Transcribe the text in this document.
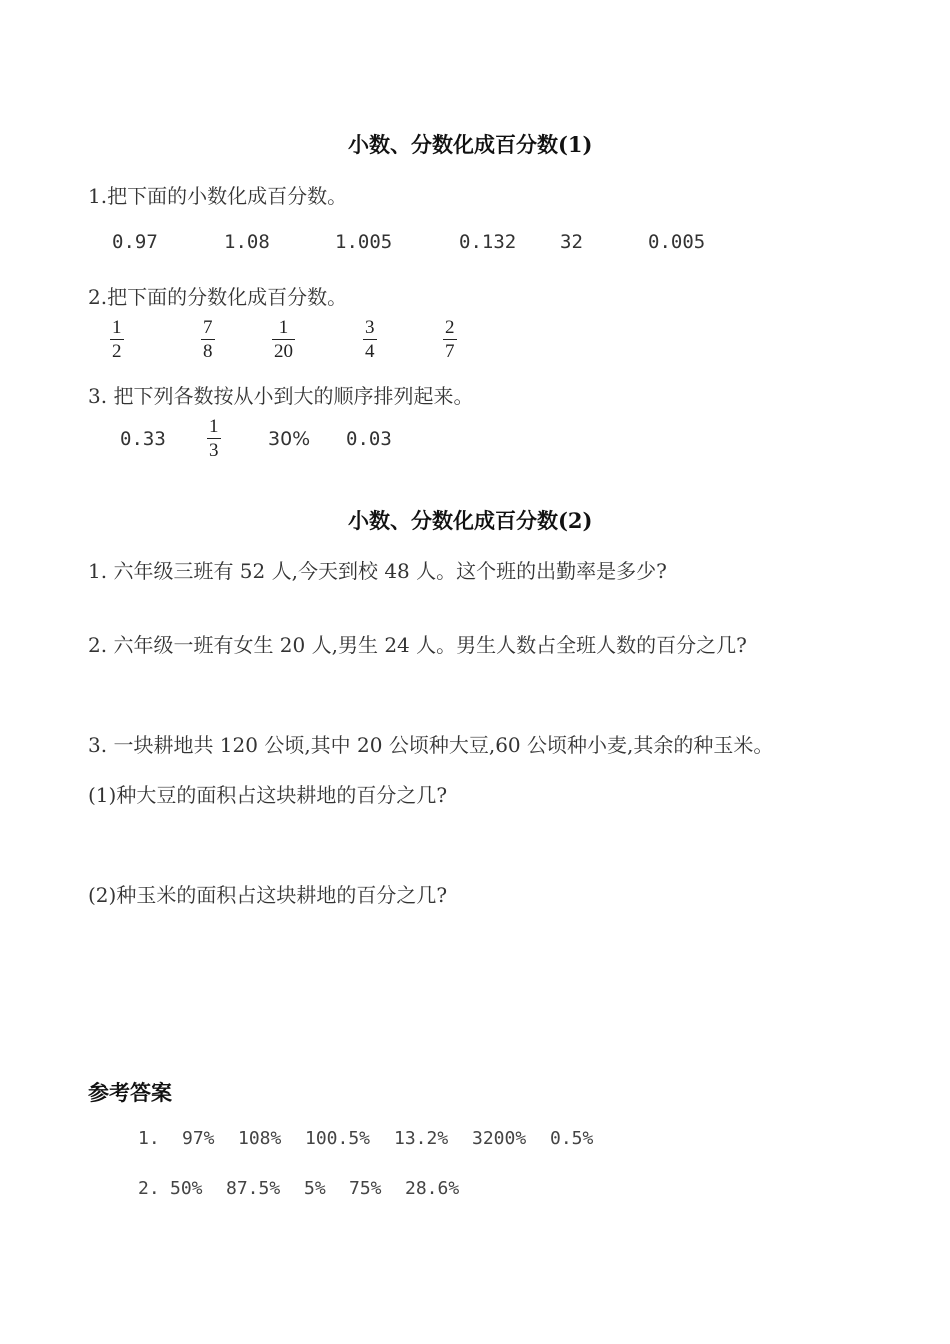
小数、分数化成百分数(1)
1.把下面的小数化成百分数。
0.97	1.08	1.005	0.132 32	0.005
2.把下面的分数化成百分数。
1
2
7
8
1
20
3
4
2
7
3. 把下列各数按从小到大的顺序排列起来。
0.33
1
3
30% 0.03
小数、分数化成百分数(2)
1. 六年级三班有 52 人,今天到校 48 人。这个班的出勤率是多少?
2. 六年级一班有女生 20 人,男生 24 人。男生人数占全班人数的百分之几?
3. 一块耕地共 120 公顷,其中 20 公顷种大豆,60 公顷种小麦,其余的种玉米。
(1)种大豆的面积占这块耕地的百分之几?
(2)种玉米的面积占这块耕地的百分之几?
参考答案
1. 97% 108% 100.5% 13.2% 3200% 0.5%
2. 50% 87.5% 5% 75% 28.6%
